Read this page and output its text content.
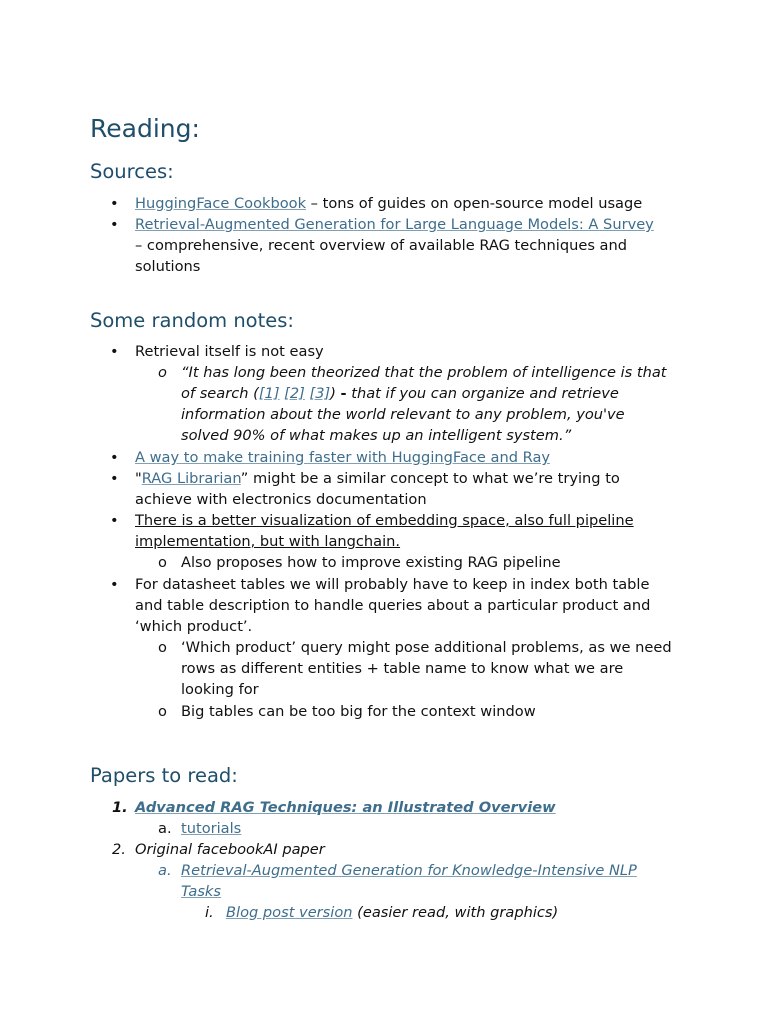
Reading:
Sources:
• HuggingFace Cookbook – tons of guides on open-source model usage
• Retrieval-Augmented Generation for Large Language Models: A Survey
– comprehensive, recent overview of available RAG techniques and solutions
Some random notes:
• Retrieval itself is not easy
o “It has long been theorized that the problem of intelligence is that of search ([1] [2] [3]) - that if you can organize and retrieve information about the world relevant to any problem, you've solved 90% of what makes up an intelligent system.”
• A way to make training faster with HuggingFace and Ray
• "RAG Librarian” might be a similar concept to what we’re trying to achieve with electronics documentation
• There is a better visualization of embedding space, also full pipeline implementation, but with langchain.
o Also proposes how to improve existing RAG pipeline
• For datasheet tables we will probably have to keep in index both table and table description to handle queries about a particular product and ‘which product’.
o ‘Which product’ query might pose additional problems, as we need rows as different entities + table name to know what we are looking for
o Big tables can be too big for the context window
Papers to read:
1. Advanced RAG Techniques: an Illustrated Overview
a. tutorials
2. Original facebookAI paper
a. Retrieval-Augmented Generation for Knowledge-Intensive NLP Tasks
i. Blog post version (easier read, with graphics)
